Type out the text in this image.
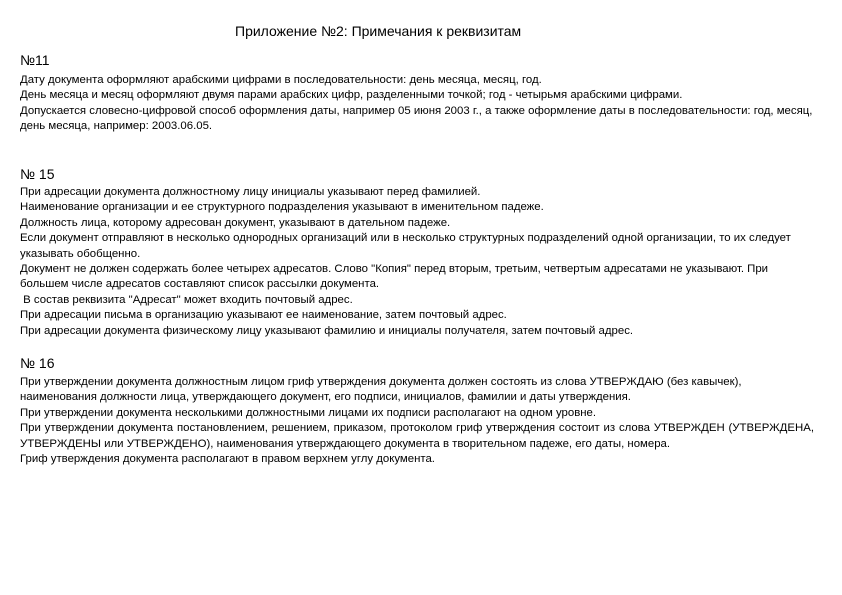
Приложение №2: Примечания к реквизитам
№11

Дату документа оформляют арабскими цифрами в последовательности: день месяца, месяц, год.

День месяца и месяц оформляют двумя парами арабских цифр, разделенными точкой; год - четырьмя арабскими цифрами.

Допускается словесно-цифровой способ оформления даты, например 05 июня 2003 г., а также оформление даты в последовательности: год, месяц, день месяца, например: 2003.06.05.

№ 15

При адресации документа должностному лицу инициалы указывают перед фамилией.

Наименование организации и ее структурного подразделения указывают в именительном падеже.

Должность лица, которому адресован документ, указывают в дательном падеже.

Если документ отправляют в несколько однородных организаций или в несколько структурных подразделений одной организации, то их следует указывать обобщенно.

Документ не должен содержать более четырех адресатов. Слово "Копия" перед вторым, третьим, четвертым адресатами не указывают. При большем числе адресатов составляют список рассылки документа.

В состав реквизита "Адресат" может входить почтовый адрес.

При адресации письма в организацию указывают ее наименование, затем почтовый адрес.

При адресации документа физическому лицу указывают фамилию и инициалы получателя, затем почтовый адрес.

№ 16

При утверждении документа должностным лицом гриф утверждения документа должен состоять из слова УТВЕРЖДАЮ (без кавычек), наименования должности лица, утверждающего документ, его подписи, инициалов, фамилии и даты утверждения.

При утверждении документа несколькими должностными лицами их подписи располагают на одном уровне.

При утверждении документа постановлением, решением, приказом, протоколом гриф утверждения состоит из слова УТВЕРЖДЕН (УТВЕРЖДЕНА, УТВЕРЖДЕНЫ или УТВЕРЖДЕНО), наименования утверждающего документа в творительном падеже, его даты, номера.

Гриф утверждения документа располагают в правом верхнем углу документа.
